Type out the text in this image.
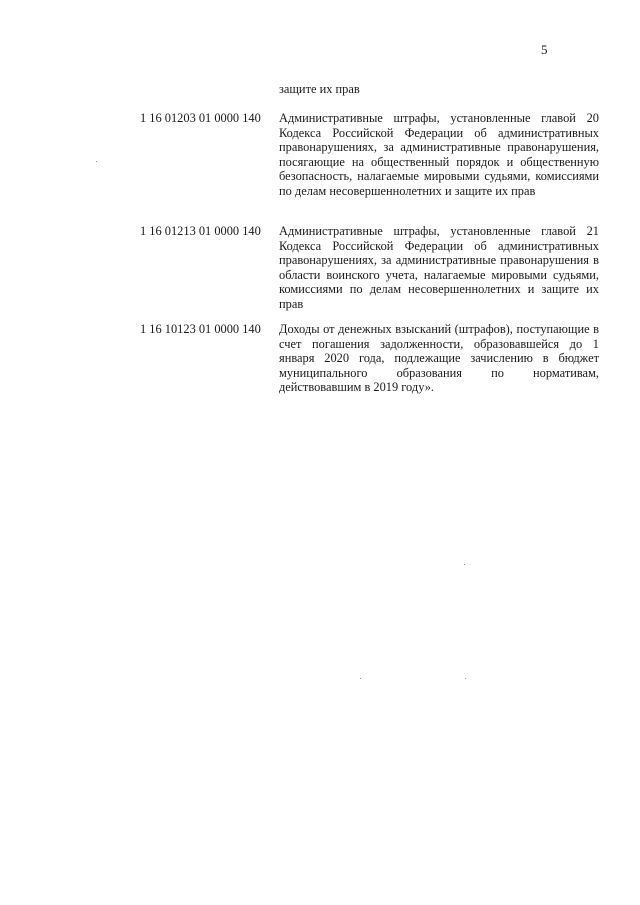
5
защите их прав
1 16 01203 01 0000 140	Административные штрафы, установленные главой 20 Кодекса Российской Федерации об административных правонарушениях, за административные правонарушения, посягающие на общественный порядок и общественную безопасность, налагаемые мировыми судьями, комиссиями по делам несовершеннолетних и защите их прав
1 16 01213 01 0000 140	Административные штрафы, установленные главой 21 Кодекса Российской Федерации об административных правонарушениях, за административные правонарушения в области воинского учета, налагаемые мировыми судьями, комиссиями по делам несовершеннолетних и защите их прав
1 16 10123 01 0000 140	Доходы от денежных взысканий (штрафов), поступающие в счет погашения задолженности, образовавшейся до 1 января 2020 года, подлежащие зачислению в бюджет муниципального образования по нормативам, действовавшим в 2019 году».
